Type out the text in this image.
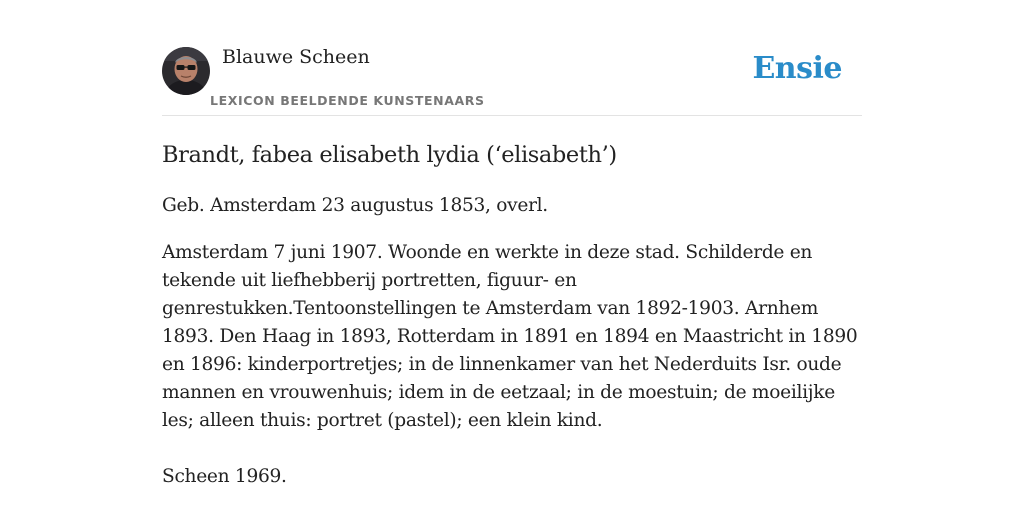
Blauwe Scheen
LEXICON BEELDENDE KUNSTENAARS
Ensie
Brandt, fabea elisabeth lydia (‘elisabeth’)

Geb. Amsterdam 23 augustus 1853, overl.

Amsterdam 7 juni 1907. Woonde en werkte in deze stad. Schilderde en tekende uit liefhebberij portretten, figuur- en genrestukken.Tentoonstellingen te Amsterdam van 1892-1903. Arnhem 1893. Den Haag in 1893, Rotterdam in 1891 en 1894 en Maastricht in 1890 en 1896: kinderportretjes; in de linnenkamer van het Nederduits Isr. oude mannen en vrouwenhuis; idem in de eetzaal; in de moestuin; de moeilijke les; alleen thuis: portret (pastel); een klein kind.

Scheen 1969.
